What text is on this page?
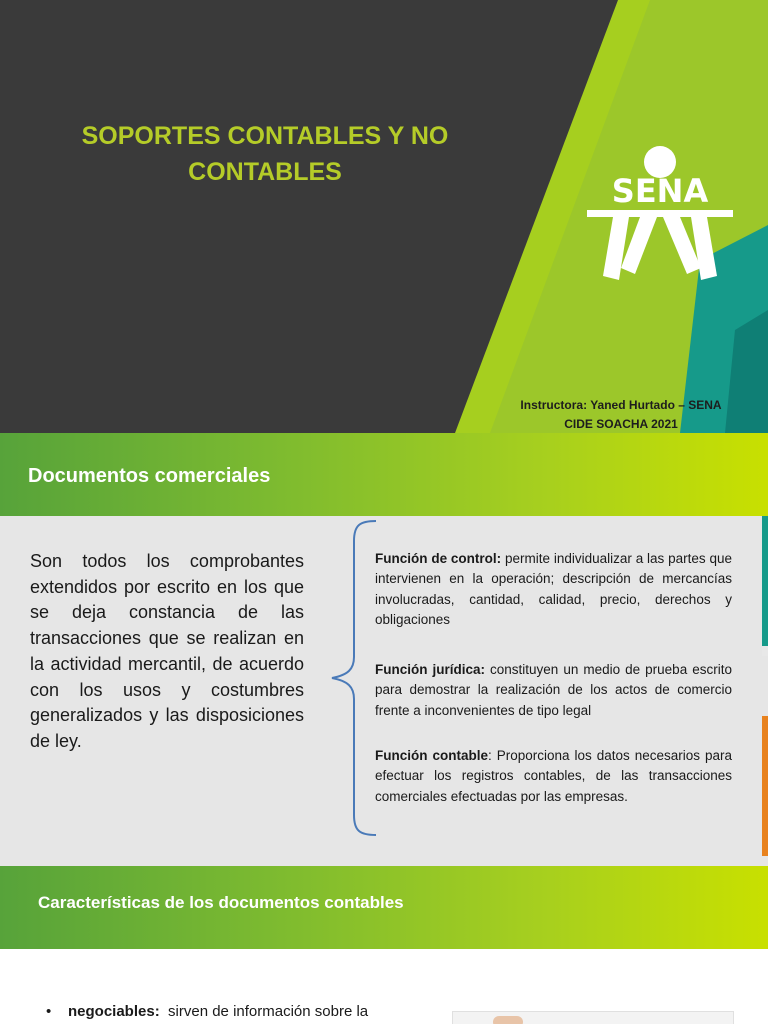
SOPORTES CONTABLES Y NO
CONTABLES	SENA
Instructora: Yaned Hurtado – SENA
CIDE SOACHA 2021
Documentos comerciales
Son todos los comprobantes extendidos por escrito en los que se deja constancia de las transacciones que se realizan en la actividad mercantil, de acuerdo con los usos y costumbres generalizados y las disposiciones de ley.
Función de control: permite individualizar a las partes que intervienen en la operación; descripción de mercancías involucradas, cantidad, calidad, precio, derechos y obligaciones
Función jurídica: constituyen un medio de prueba escrito para demostrar la realización de los actos de comercio frente a inconvenientes de tipo legal
Función contable: Proporciona los datos necesarios para efectuar los registros contables, de las transacciones comerciales efectuadas por las empresas.
Características de los documentos contables
• negociables:  sirven de información sobre la
